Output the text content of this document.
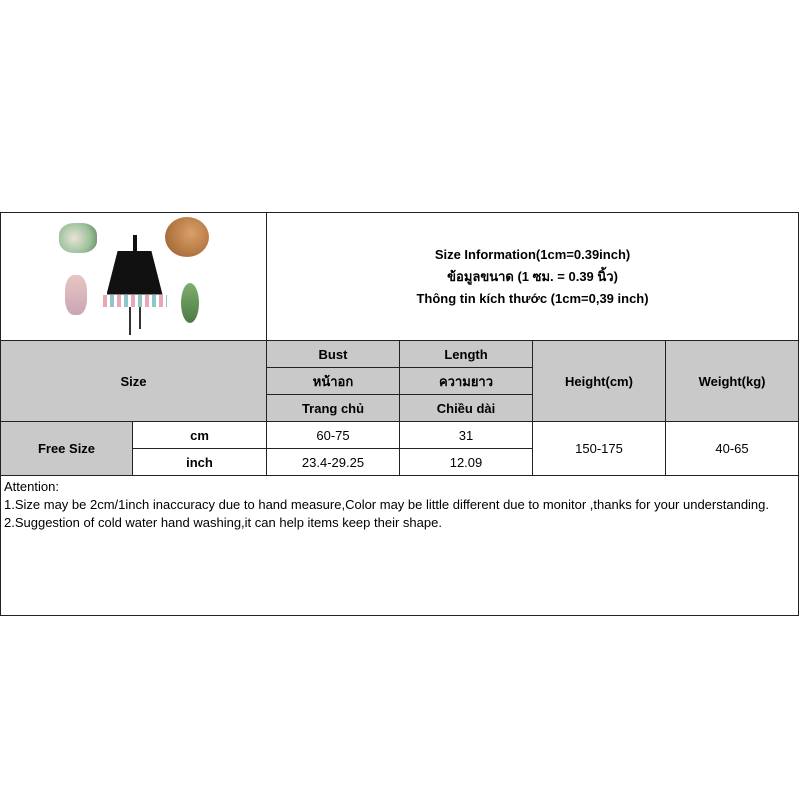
		Size Information(1cm=0.39inch)
ข้อมูลขนาด (1 ซม. = 0.39 นิ้ว)
Thông tin kích thước (1cm=0,39 inch)			

Size		Bust	Length	Height(cm)	Weight(kg)
		หน้าอก	ความยาว		
		Trang chủ	Chiều dài		
Free Size	cm	60-75	31	150-175	40-65
	inch	23.4-29.25	12.09		

Attention:
1.Size may be 2cm/1inch inaccuracy due to hand measure,Color may be little different due to monitor ,thanks for your understanding.
2.Suggestion of cold water hand washing,it can help items keep their shape.					
